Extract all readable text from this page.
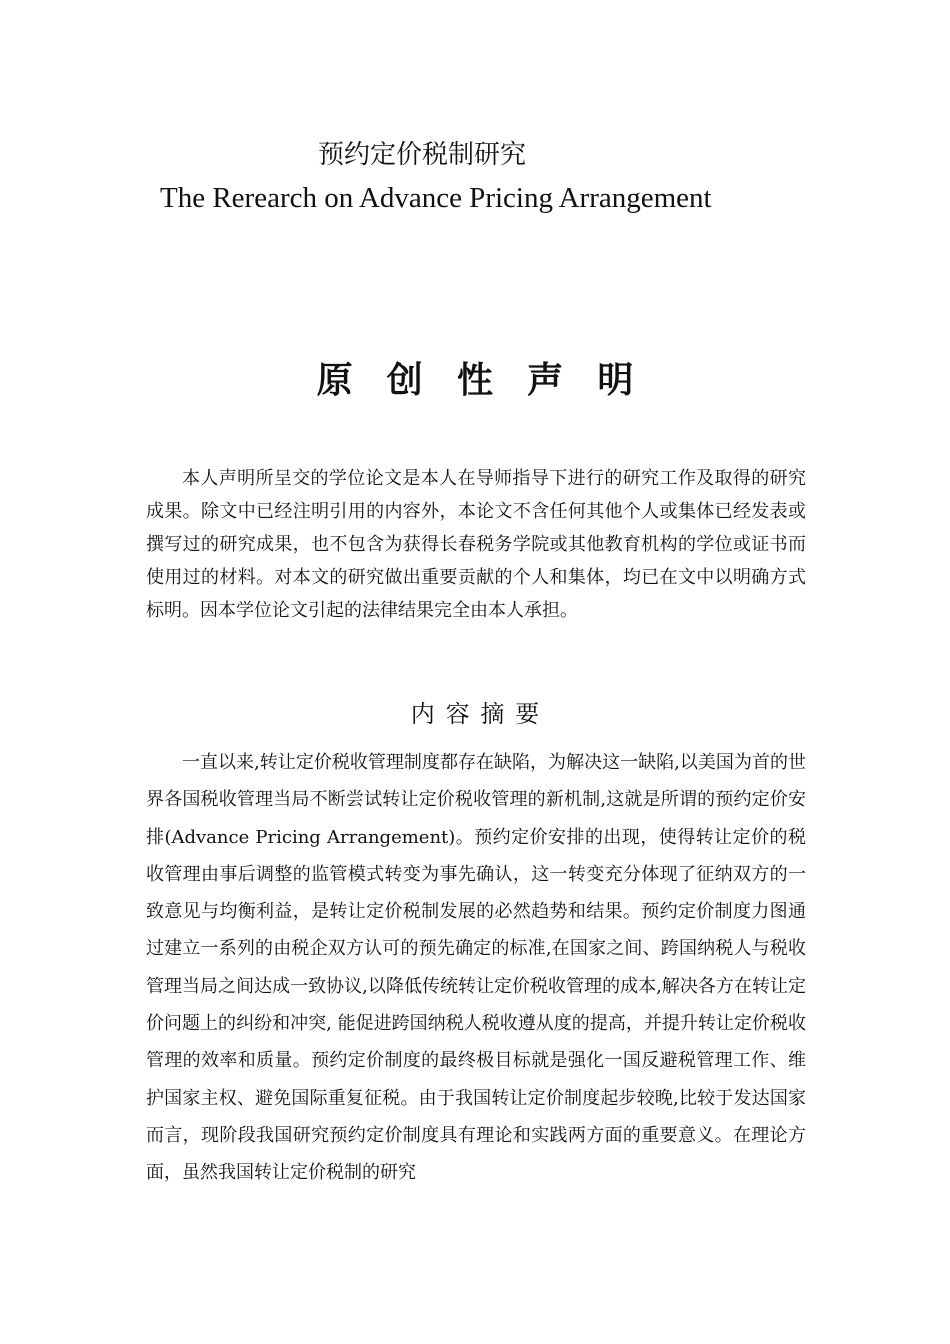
预约定价税制研究
The Rerearch on Advance Pricing Arrangement
原创性声明

本人声明所呈交的学位论文是本人在导师指导下进行的研究工作及取得的研究成果。除文中已经注明引用的内容外，本论文不含任何其他个人或集体已经发表或撰写过的研究成果，也不包含为获得长春税务学院或其他教育机构的学位或证书而使用过的材料。对本文的研究做出重要贡献的个人和集体，均已在文中以明确方式标明。因本学位论文引起的法律结果完全由本人承担。

内容摘要

一直以来,转让定价税收管理制度都存在缺陷，为解决这一缺陷,以美国为首的世界各国税收管理当局不断尝试转让定价税收管理的新机制,这就是所谓的预约定价安排(Advance Pricing Arrangement)。预约定价安排的出现，使得转让定价的税收管理由事后调整的监管模式转变为事先确认，这一转变充分体现了征纳双方的一致意见与均衡利益，是转让定价税制发展的必然趋势和结果。预约定价制度力图通过建立一系列的由税企双方认可的预先确定的标准,在国家之间、跨国纳税人与税收管理当局之间达成一致协议,以降低传统转让定价税收管理的成本,解决各方在转让定价问题上的纠纷和冲突, 能促进跨国纳税人税收遵从度的提高，并提升转让定价税收管理的效率和质量。预约定价制度的最终极目标就是强化一国反避税管理工作、维护国家主权、避免国际重复征税。由于我国转让定价制度起步较晚,比较于发达国家而言，现阶段我国研究预约定价制度具有理论和实践两方面的重要意义。在理论方面，虽然我国转让定价税制的研究
